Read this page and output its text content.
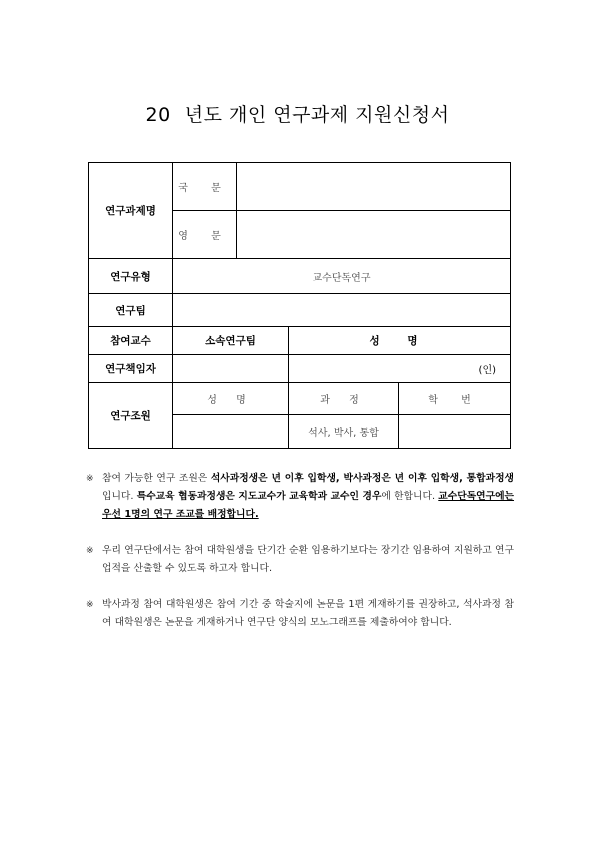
20 년도 개인 연구과제 지원신청서
연구과제명	국 문			
	영 문			
연구유형	교수단독연구			
연구팀				
참여교수	소속연구팀		성 명	
연구책임자			(인)	
연구조원	성 명		과 정	학 번
			석사, 박사, 통합	
※ 참여 가능한 연구 조원은 석사과정생은 년 이후 입학생, 박사과정은 년 이후 입학생, 통합과정생입니다. 특수교육 협동과정생은 지도교수가 교육학과 교수인 경우에 한합니다. 교수단독연구에는 우선 1명의 연구 조교를 배정합니다.
※ 우리 연구단에서는 참여 대학원생을 단기간 순환 임용하기보다는 장기간 임용하여 지원하고 연구 업적을 산출할 수 있도록 하고자 합니다.
※ 박사과정 참여 대학원생은 참여 기간 중 학술지에 논문을 1편 게재하기를 권장하고, 석사과정 참여 대학원생은 논문을 게재하거나 연구단 양식의 모노그래프를 제출하여야 합니다.
